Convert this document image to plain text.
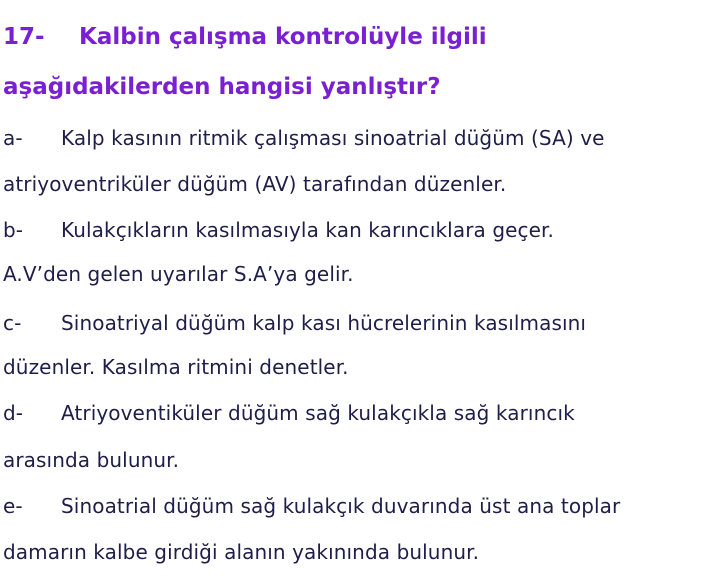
17- Kalbin çalışma kontrolüyle ilgili
aşağıdakilerden hangisi yanlıştır?
a- Kalp kasının ritmik çalışması sinoatrial düğüm (SA) ve
atriyoventriküler düğüm (AV) tarafından düzenler.
b- Kulakçıkların kasılmasıyla kan karıncıklara geçer.
A.V’den gelen uyarılar S.A’ya gelir.
c- Sinoatriyal düğüm kalp kası hücrelerinin kasılmasını
düzenler. Kasılma ritmini denetler.
d- Atriyoventiküler düğüm sağ kulakçıkla sağ karıncık
arasında bulunur.
e- Sinoatrial düğüm sağ kulakçık duvarında üst ana toplar
damarın kalbe girdiği alanın yakınında bulunur.
